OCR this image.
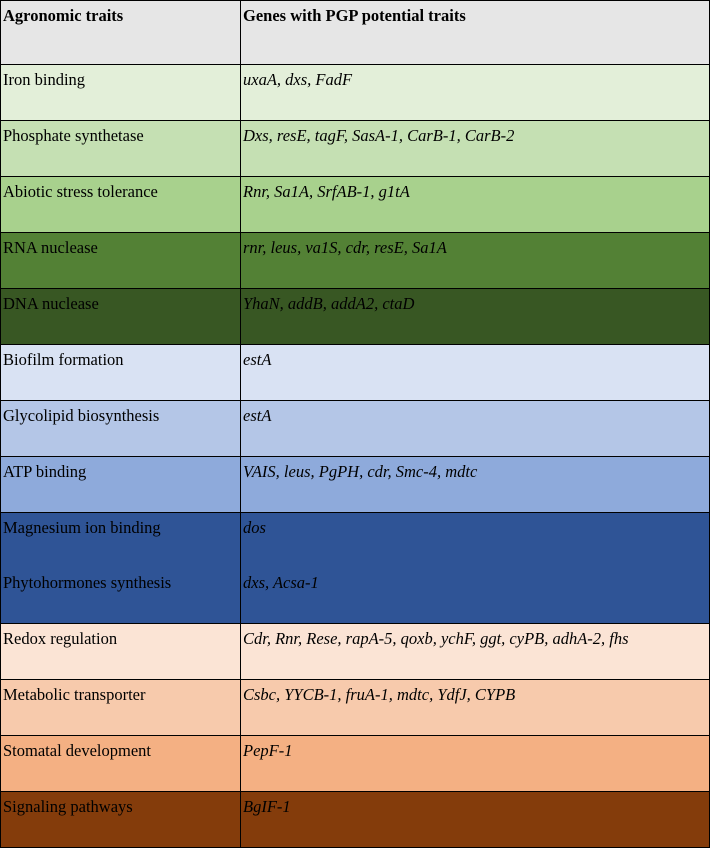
Agronomic traits	Genes with PGP potential traits
Iron binding	uxaA, dxs, FadF
Phosphate synthetase	Dxs, resE, tagF, SasA-1, CarB-1, CarB-2
Abiotic stress tolerance	Rnr, Sa1A, SrfAB-1, g1tA
RNA nuclease	rnr, leus, va1S, cdr, resE, Sa1A
DNA nuclease	YhaN, addB, addA2, ctaD
Biofilm formation	estA
Glycolipid biosynthesis	estA
ATP binding	VAIS, leus, PgPH, cdr, Smc-4, mdtc
Magnesium ion binding	dos
Phytohormones synthesis	dxs, Acsa-1
Redox regulation	Cdr, Rnr, Rese, rapA-5, qoxb, ychF, ggt, cyPB, adhA-2, fhs
Metabolic transporter	Csbc, YYCB-1, fruA-1, mdtc, YdfJ, CYPB
Stomatal development	PepF-1
Signaling pathways	BgIF-1
